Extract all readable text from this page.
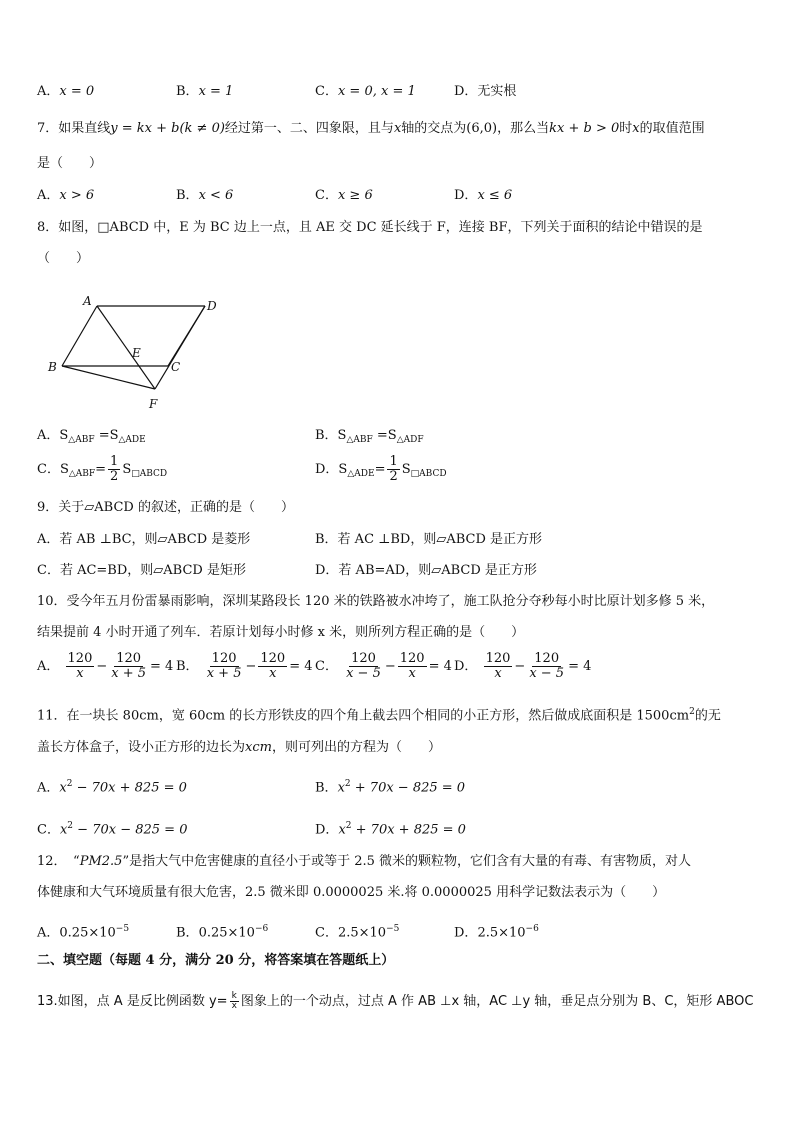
A．x = 0	B．x = 1	C．x = 0, x = 1	D．无实根
7．如果直线y = kx + b(k ≠ 0)经过第一、二、四象限，且与x轴的交点为(6,0)，那么当kx + b > 0时x的取值范围
是（　　）
A．x > 6	B．x < 6	C．x ≥ 6	D．x ≤ 6
8．如图，□ABCD 中，E 为 BC 边上一点，且 AE 交 DC 延长线于 F，连接 BF，下列关于面积的结论中错误的是
（　　）
A	D
B	C
E
F
A．$S_{\triangle ABF} =S_{\triangle ADE}$	B．$S_{\triangle ABF} =S_{\triangle ADF}$
C．$S_{\triangle ABF}= \frac{1}{2} S_{□ABCD}$	D．$S_{\triangle ADE}= \frac{1}{2} S_{□ABCD}$
9．关于▱ABCD 的叙述，正确的是（　　）
A．若 AB ⊥BC，则▱ABCD 是菱形	B．若 AC ⊥BD，则▱ABCD 是正方形
C．若 AC=BD，则▱ABCD 是矩形	D．若 AB=AD，则▱ABCD 是正方形
10．受今年五月份雷暴雨影响，深圳某路段长 120 米的铁路被水冲垮了，施工队抢分夺秒每小时比原计划多修 5 米，
结果提前 4 小时开通了列车．若原计划每小时修 x 米，则所列方程正确的是（　　）
A． $\frac{120}{x} - \frac{120}{x + 5} = 4$ B． $\frac{120}{x + 5} - \frac{120}{x} = 4$ C． $\frac{120}{x - 5} - \frac{120}{x} = 4$ D． $\frac{120}{x} - \frac{120}{x - 5} = 4$
11．在一块长 80cm，宽 60cm 的长方形铁皮的四个角上截去四个相同的小正方形，然后做成底面积是 $1500cm^2$的无
盖长方体盒子，设小正方形的边长为xcm，则可列出的方程为（　　）
A．$x^2 - 70x + 825 = 0$	B．$x^2 + 70x - 825 = 0$
C．$x^2 - 70x - 825 = 0$	D．$x^2 + 70x + 825 = 0$
12．　“PM2.5”是指大气中危害健康的直径小于或等于 2.5 微米的颗粒物，它们含有大量的有毒、有害物质，对人
体健康和大气环境质量有很大危害，2.5 微米即 0.0000025 米.将 0.0000025 用科学记数法表示为（　　）
A．$0.25\times 10^{-5}$	B．$0.25\times 10^{-6}$	C．$2.5\times 10^{-5}$	D．$2.5\times 10^{-6}$
二、填空题（每题 4 分，满分 20 分，将答案填在答题纸上）
13.如图，点 A 是反比例函数 $y= \frac{k}{x}$ 图象上的一个动点，过点 A 作 AB ⊥x 轴，AC ⊥y 轴，垂足点分别为 B、C，矩形 ABOC
